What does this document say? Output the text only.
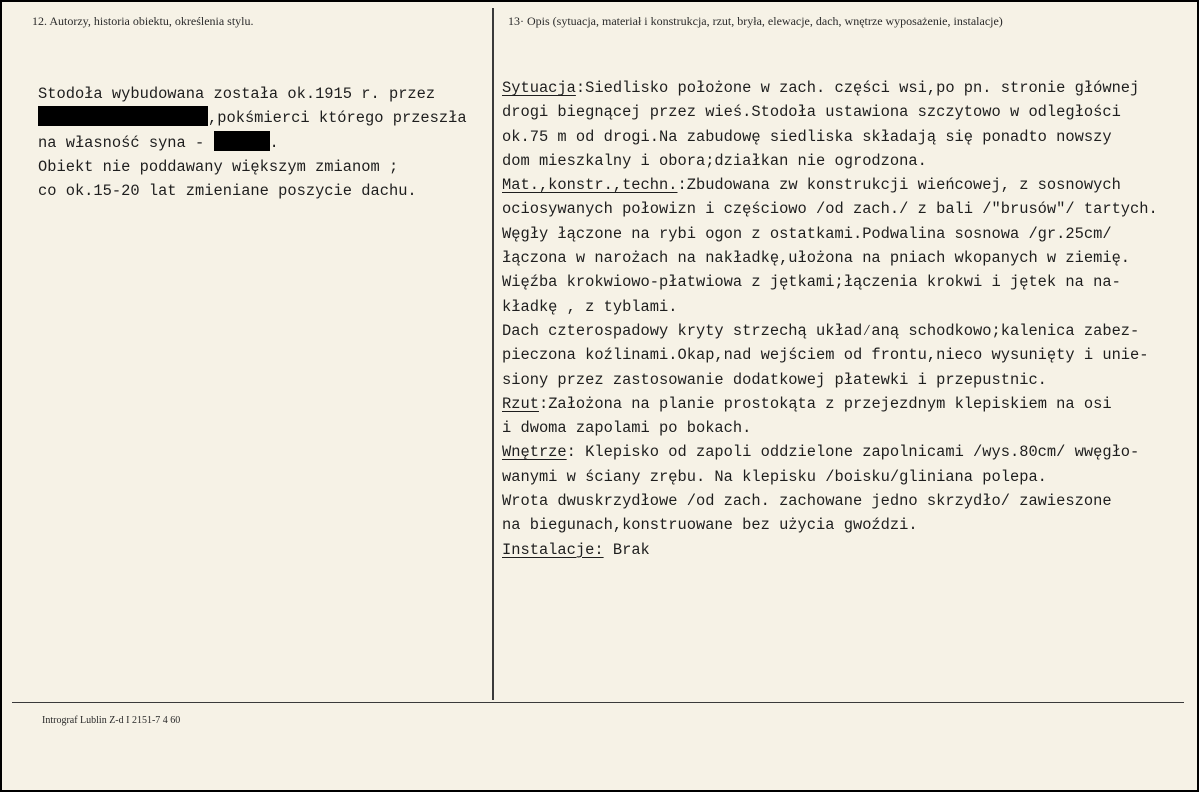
12. Autorzy, historia obiektu, określenia stylu.	13· Opis (sytuacja, materiał i konstrukcja, rzut, bryła, elewacje, dach, wnętrze wyposażenie, instalacje)
Stodoła wybudowana została ok.1915 r. przez
,pokśmierci którego przeszła
na własność syna -	.
Obiekt nie poddawany większym zmianom ;
co ok.15-20 lat zmieniane poszycie dachu.
Sytuacja:Siedlisko położone w zach. części wsi,po pn. stronie głównej
drogi biegnącej przez wieś.Stodoła ustawiona szczytowo w odległości
ok.75 m od drogi.Na zabudowę siedliska składają się ponadto nowszy
dom mieszkalny i obora;działkan nie ogrodzona.
Mat.,konstr.,techn.:Zbudowana zw konstrukcji wieńcowej, z sosnowych
ociosywanych połowizn i częściowo /od zach./ z bali /"brusów"/ tartych.
Węgły łączone na rybi ogon z ostatkami.Podwalina sosnowa /gr.25cm/
łączona w narożach na nakładkę,ułożona na pniach wkopanych w ziemię.
Więźba krokwiowo-płatwiowa z jętkami;łączenia krokwi i jętek na na-
kładkę , z tyblami.
Dach czterospadowy kryty strzechą układ∕aną schodkowo;kalenica zabez-
pieczona koźlinami.Okap,nad wejściem od frontu,nieco wysunięty i unie-
siony przez zastosowanie dodatkowej płatewki i przepustnic.
Rzut:Założona na planie prostokąta z przejezdnym klepiskiem na osi
i dwoma zapolami po bokach.
Wnętrze: Klepisko od zapoli oddzielone zapolnicami /wys.80cm/ wwęgło-
wanymi w ściany zrębu. Na klepisku /boisku/gliniana polepa.
Wrota dwuskrzydłowe /od zach. zachowane jedno skrzydło/ zawieszone
na biegunach,konstruowane bez użycia gwoździ.
Instalacje: Brak
Intrograf Lublin Z-d I 2151-7 4 60
